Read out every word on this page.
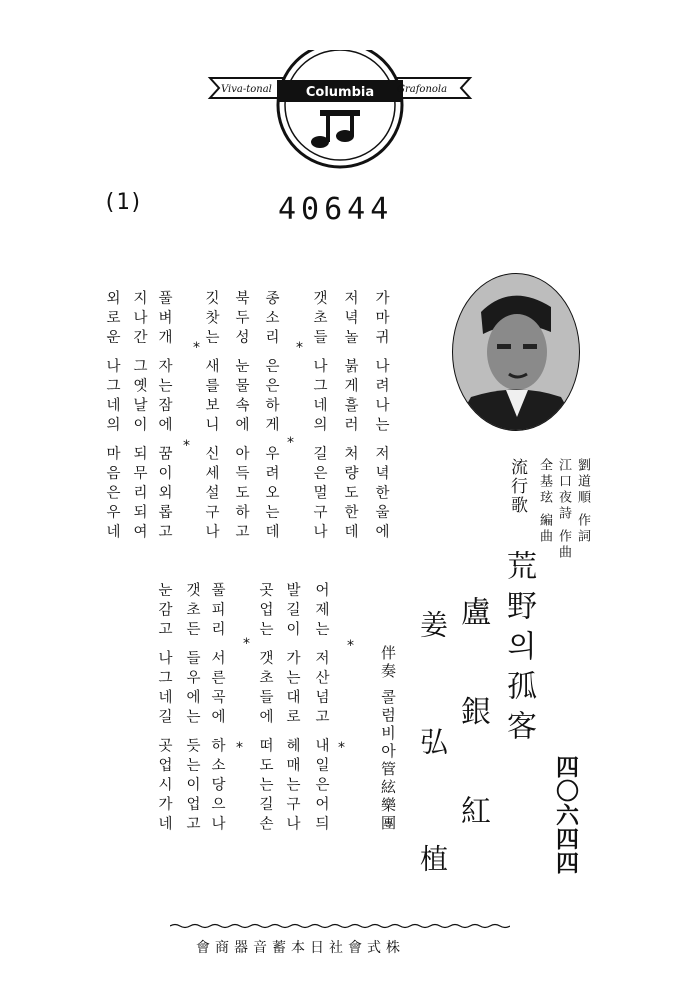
Viva-tonal	Grafonola
Columbia
(1)	40644
가마귀 나려나는 저녁한울에
저녁놀 붉게흘러 처량도한데
갯초들 나그네의 길은멀구나
*
*
종소리 은은하게 우려오는데
북두성 눈물속에 아득도하고
깃찻는 새를보니 신세설구나
*
*
풀벼개 자는잠에 꿈이외롭고
지나간 그옛날이 되무리되여
외로운 나그네의 마음은우네
*
*
어제는 저산넘고 내일은어듸
발길이 가는대로 헤매는구나
곳업는 갯초들에 떠도는길손
*
*
풀피리 서른곡에 하소당으나
갯초든 들우에는 듯는이업고
눈감고 나그네길 곳업시가네
流行歌	劉道順 作詞
江口夜詩 作曲
全基玹 編曲
荒野의孤客
盧 銀 紅
姜 弘 植
伴奏 콜럼비아管絃樂團	四〇六四四
株式會社日本蓄音器商會
